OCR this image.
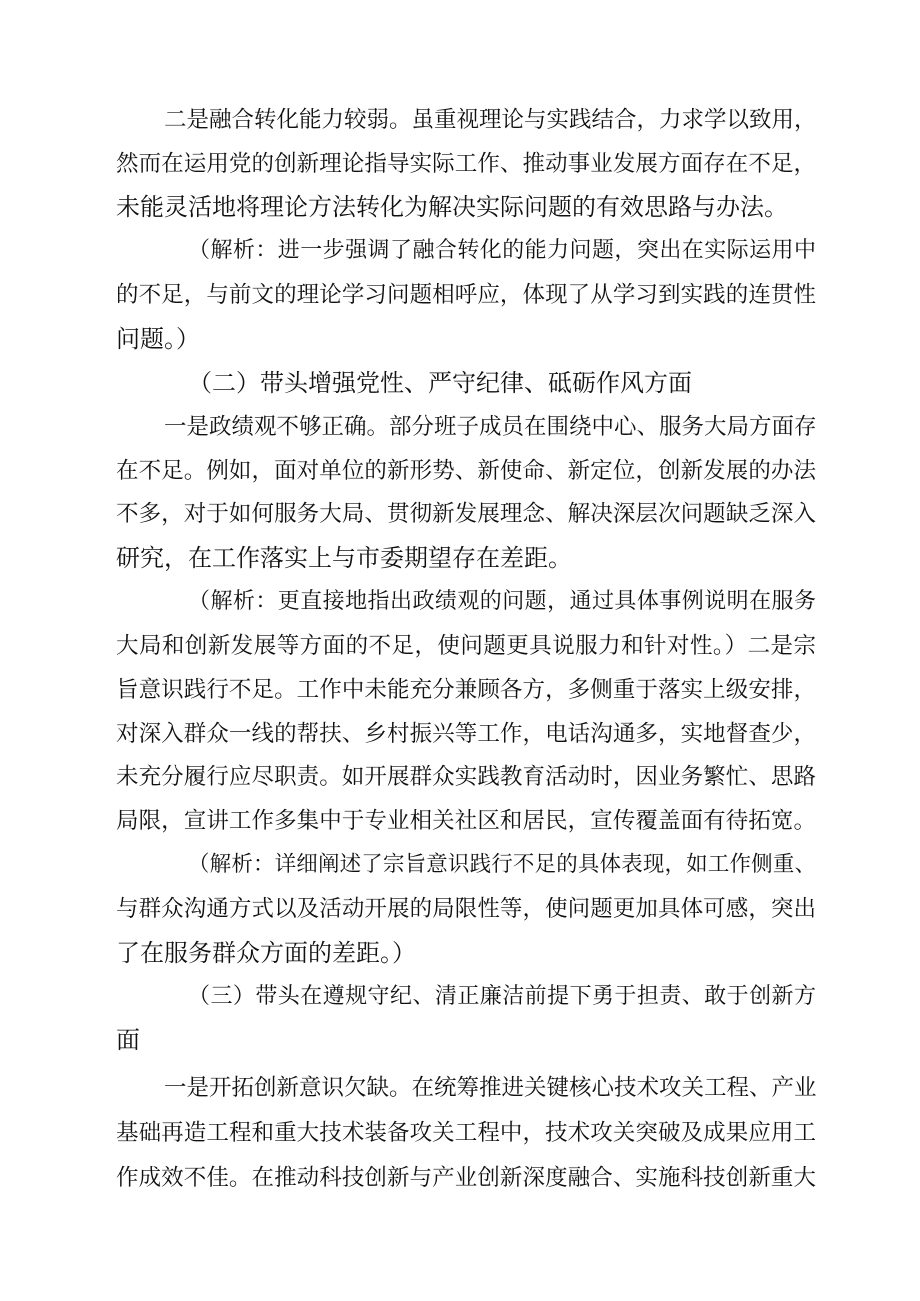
二是融合转化能力较弱。虽重视理论与实践结合，力求学以致用，
然而在运用党的创新理论指导实际工作、推动事业发展方面存在不足，
未能灵活地将理论方法转化为解决实际问题的有效思路与办法。
（解析：进一步强调了融合转化的能力问题，突出在实际运用中
的不足，与前文的理论学习问题相呼应，体现了从学习到实践的连贯性
问题。）
（二）带头增强党性、严守纪律、砥砺作风方面
一是政绩观不够正确。部分班子成员在围绕中心、服务大局方面存
在不足。例如，面对单位的新形势、新使命、新定位，创新发展的办法
不多，对于如何服务大局、贯彻新发展理念、解决深层次问题缺乏深入
研究，在工作落实上与市委期望存在差距。
（解析：更直接地指出政绩观的问题，通过具体事例说明在服务
大局和创新发展等方面的不足，使问题更具说服力和针对性。）二是宗
旨意识践行不足。工作中未能充分兼顾各方，多侧重于落实上级安排，
对深入群众一线的帮扶、乡村振兴等工作，电话沟通多，实地督查少，
未充分履行应尽职责。如开展群众实践教育活动时，因业务繁忙、思路
局限，宣讲工作多集中于专业相关社区和居民，宣传覆盖面有待拓宽。
（解析：详细阐述了宗旨意识践行不足的具体表现，如工作侧重、
与群众沟通方式以及活动开展的局限性等，使问题更加具体可感，突出
了在服务群众方面的差距。）
（三）带头在遵规守纪、清正廉洁前提下勇于担责、敢于创新方
面
一是开拓创新意识欠缺。在统筹推进关键核心技术攻关工程、产业
基础再造工程和重大技术装备攻关工程中，技术攻关突破及成果应用工
作成效不佳。在推动科技创新与产业创新深度融合、实施科技创新重大
